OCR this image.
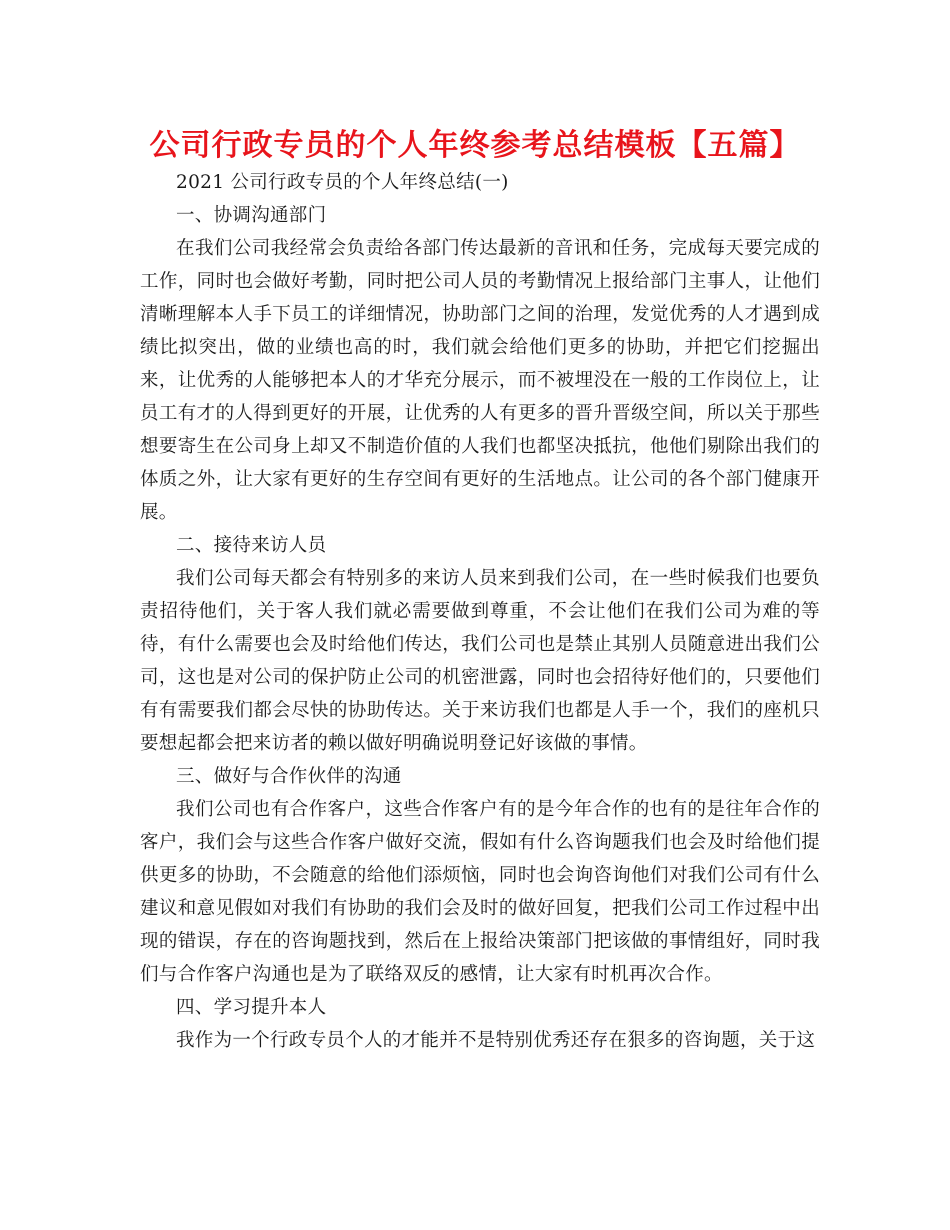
公司行政专员的个人年终参考总结模板【五篇】

2021 公司行政专员的个人年终总结(一)

一、协调沟通部门

在我们公司我经常会负责给各部门传达最新的音讯和任务，完成每天要完成的工作，同时也会做好考勤，同时把公司人员的考勤情况上报给部门主事人，让他们清晰理解本人手下员工的详细情况，协助部门之间的治理，发觉优秀的人才遇到成绩比拟突出，做的业绩也高的时，我们就会给他们更多的协助，并把它们挖掘出来，让优秀的人能够把本人的才华充分展示，而不被埋没在一般的工作岗位上，让员工有才的人得到更好的开展，让优秀的人有更多的晋升晋级空间，所以关于那些想要寄生在公司身上却又不制造价值的人我们也都坚决抵抗，他他们剔除出我们的体质之外，让大家有更好的生存空间有更好的生活地点。让公司的各个部门健康开展。

二、接待来访人员

我们公司每天都会有特别多的来访人员来到我们公司，在一些时候我们也要负责招待他们，关于客人我们就必需要做到尊重，不会让他们在我们公司为难的等待，有什么需要也会及时给他们传达，我们公司也是禁止其别人员随意进出我们公司，这也是对公司的保护防止公司的机密泄露，同时也会招待好他们的，只要他们有有需要我们都会尽快的协助传达。关于来访我们也都是人手一个，我们的座机只要想起都会把来访者的赖以做好明确说明登记好该做的事情。

三、做好与合作伙伴的沟通

我们公司也有合作客户，这些合作客户有的是今年合作的也有的是往年合作的客户，我们会与这些合作客户做好交流，假如有什么咨询题我们也会及时给他们提供更多的协助，不会随意的给他们添烦恼，同时也会询咨询他们对我们公司有什么建议和意见假如对我们有协助的我们会及时的做好回复，把我们公司工作过程中出现的错误，存在的咨询题找到，然后在上报给决策部门把该做的事情组好，同时我们与合作客户沟通也是为了联络双反的感情，让大家有时机再次合作。

四、学习提升本人

我作为一个行政专员个人的才能并不是特别优秀还存在狠多的咨询题，关于这
